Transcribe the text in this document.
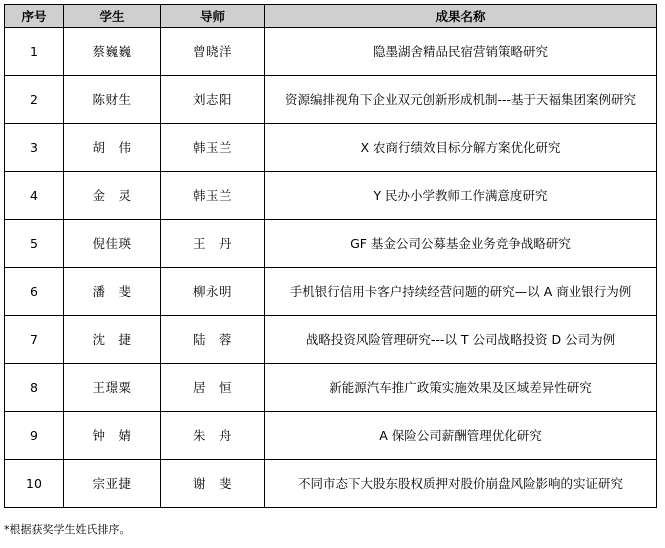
序号	学生	导师	成果名称
1	蔡巍巍	曾晓洋	隐墨湖舍精品民宿营销策略研究
2	陈财生	刘志阳	资源编排视角下企业双元创新形成机制---基于天福集团案例研究
3	胡　伟	韩玉兰	X 农商行绩效目标分解方案优化研究
4	金　灵	韩玉兰	Y 民办小学教师工作满意度研究
5	倪佳瑛	王　丹	GF 基金公司公募基金业务竞争战略研究
6	潘　斐	柳永明	手机银行信用卡客户持续经营问题的研究—以 A 商业银行为例
7	沈　捷	陆　蓉	战略投资风险管理研究---以 T 公司战略投资 D 公司为例
8	王璟粟	居　恒	新能源汽车推广政策实施效果及区域差异性研究
9	钟　婧	朱　舟	A 保险公司薪酬管理优化研究
10	宗亚捷	谢　斐	不同市态下大股东股权质押对股价崩盘风险影响的实证研究
*根据获奖学生姓氏排序。
